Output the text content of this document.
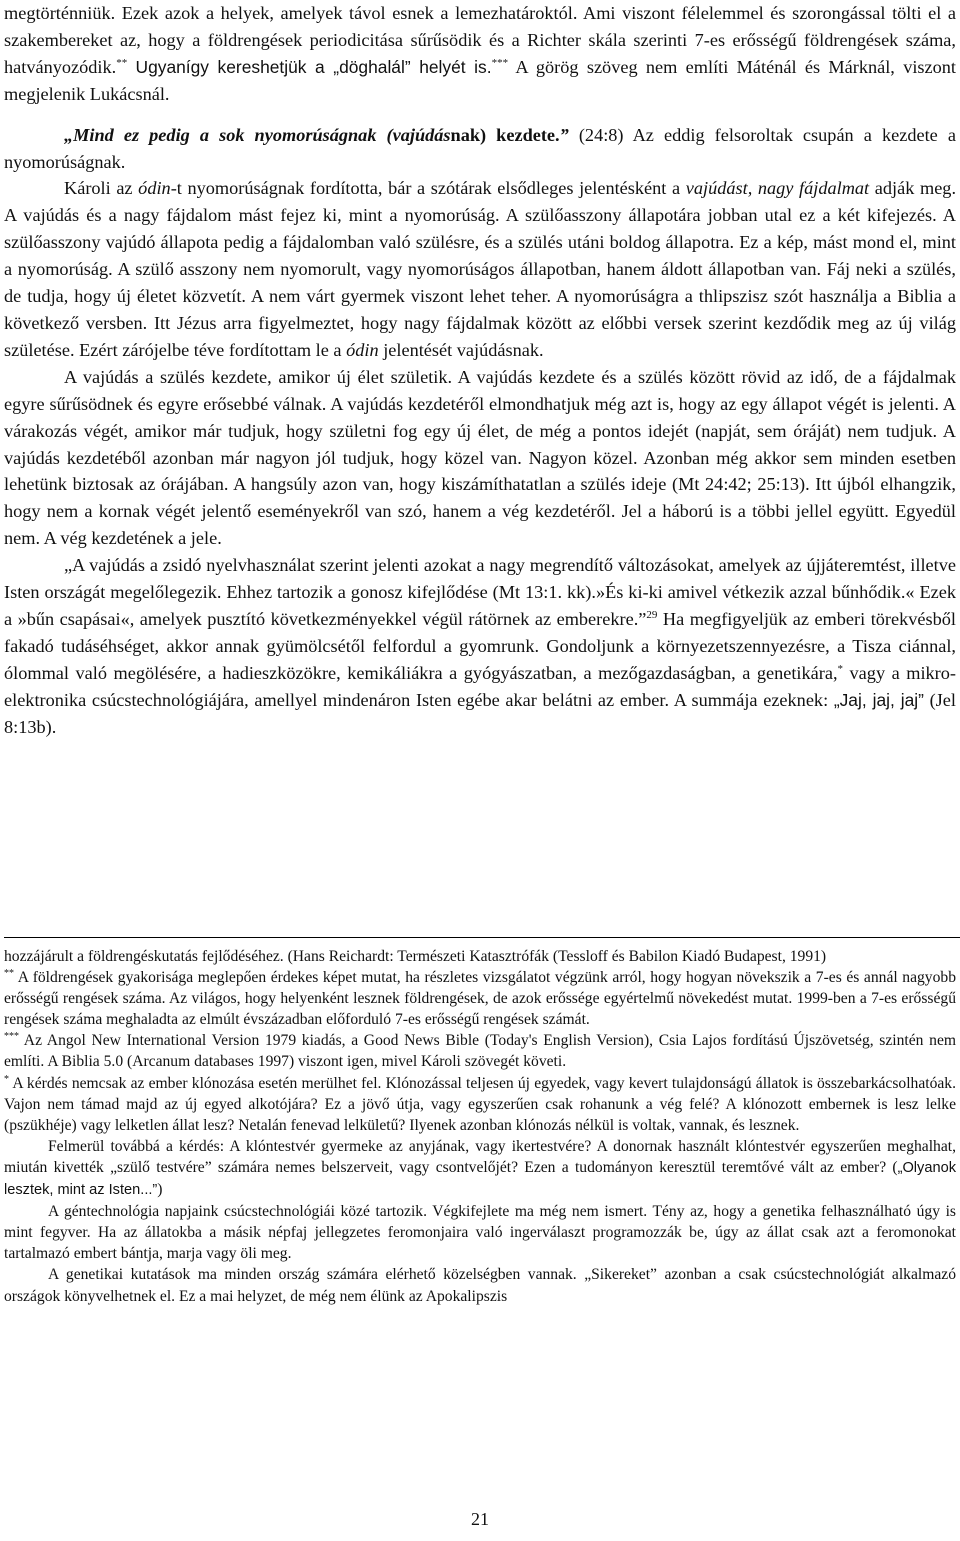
megtörténniük. Ezek azok a helyek, amelyek távol esnek a lemezhatároktól. Ami viszont félelemmel és szorongással tölti el a szakembereket az, hogy a földrengések periodicitása sűrűsödik és a Richter skála szerinti 7-es erősségű földrengések száma, hatványozódik.** Ugyanígy kereshetjük a „döghalál” helyét is.*** A görög szöveg nem említi Máténál és Márknál, viszont megjelenik Lukácsnál.

„Mind ez pedig a sok nyomorúságnak (vajúdásnak) kezdete.” (24:8) Az eddig felsoroltak csupán a kezdete a nyomorúságnak.

Károli az ódin-t nyomorúságnak fordította, bár a szótárak elsődleges jelentésként a vajúdást, nagy fájdalmat adják meg. A vajúdás és a nagy fájdalom mást fejez ki, mint a nyomorúság. A szülőasszony állapotára jobban utal ez a két kifejezés. A szülőasszony vajúdó állapota pedig a fájdalomban való szülésre, és a szülés utáni boldog állapotra. Ez a kép, mást mond el, mint a nyomorúság. A szülő asszony nem nyomorult, vagy nyomorúságos állapotban, hanem áldott állapotban van. Fáj neki a szülés, de tudja, hogy új életet közvetít. A nem várt gyermek viszont lehet teher. A nyomorúságra a thlipszisz szót használja a Biblia a következő versben. Itt Jézus arra figyelmeztet, hogy nagy fájdalmak között az előbbi versek szerint kezdődik meg az új világ születése. Ezért zárójelbe téve fordítottam le a ódin jelentését vajúdásnak.

A vajúdás a szülés kezdete, amikor új élet születik. A vajúdás kezdete és a szülés között rövid az idő, de a fájdalmak egyre sűrűsödnek és egyre erősebbé válnak. A vajúdás kezdetéről elmondhatjuk még azt is, hogy az egy állapot végét is jelenti. A várakozás végét, amikor már tudjuk, hogy születni fog egy új élet, de még a pontos idejét (napját, sem óráját) nem tudjuk. A vajúdás kezdetéből azonban már nagyon jól tudjuk, hogy közel van. Nagyon közel. Azonban még akkor sem minden esetben lehetünk biztosak az órájában. A hangsúly azon van, hogy kiszámíthatatlan a szülés ideje (Mt 24:42; 25:13). Itt újból elhangzik, hogy nem a kornak végét jelentő eseményekről van szó, hanem a vég kezdetéről. Jel a háború is a többi jellel együtt. Egyedül nem. A vég kezdetének a jele.

„A vajúdás a zsidó nyelvhasználat szerint jelenti azokat a nagy megrendítő változásokat, amelyek az újjáteremtést, illetve Isten országát megelőlegezik. Ehhez tartozik a gonosz kifejlődése (Mt 13:1. kk).»És ki-ki amivel vétkezik azzal bűnhődik.« Ezek a »bűn csapásai«, amelyek pusztító következményekkel végül rátörnek az emberekre.”$^{29}$ Ha megfigyeljük az emberi törekvésből fakadó tudáséhséget, akkor annak gyümölcsétől felfordul a gyomrunk. Gondoljunk a környezetszennyezésre, a Tisza ciánnal, ólommal való megölésére, a hadieszközökre, kemikáliákra a gyógyászatban, a mezőgazdaságban, a genetikára,* vagy a mikro-elektronika csúcstechnológiájára, amellyel mindenáron Isten egébe akar belátni az ember. A summája ezeknek: „Jaj, jaj, jaj” (Jel 8:13b).

hozzájárult a földrengéskutatás fejlődéséhez. (Hans Reichardt: Természeti Katasztrófák (Tessloff és Babilon Kiadó Budapest, 1991)

** A földrengések gyakorisága meglepően érdekes képet mutat, ha részletes vizsgálatot végzünk arról, hogy hogyan növekszik a 7-es és annál nagyobb erősségű rengések száma. Az világos, hogy helyenként lesznek földrengések, de azok erőssége egyértelmű növekedést mutat. 1999-ben a 7-es erősségű rengések száma meghaladta az elmúlt évszázadban előforduló 7-es erősségű rengések számát.

*** Az Angol New International Version 1979 kiadás, a Good News Bible (Today's English Version), Csia Lajos fordítású Újszövetség, szintén nem említi. A Biblia 5.0 (Arcanum databases 1997) viszont igen, mivel Károli szövegét követi.

* A kérdés nemcsak az ember klónozása esetén merülhet fel. Klónozással teljesen új egyedek, vagy kevert tulajdonságú állatok is összebarkácsolhatóak. Vajon nem támad majd az új egyed alkotójára? Ez a jövő útja, vagy egyszerűen csak rohanunk a vég felé? A klónozott embernek is lesz lelke (pszükhéje) vagy lelketlen állat lesz? Netalán fenevad lelkületű? Ilyenek azonban klónozás nélkül is voltak, vannak, és lesznek.

Felmerül továbbá a kérdés: A klóntestvér gyermeke az anyjának, vagy ikertestvére? A donornak használt klóntestvér egyszerűen meghalhat, miután kivették „szülő testvére” számára nemes belszerveit, vagy csontvelőjét? Ezen a tudományon keresztül teremtővé vált az ember? („Olyanok lesztek, mint az Isten...”)

A géntechnológia napjaink csúcstechnológiái közé tartozik. Végkifejlete ma még nem ismert. Tény az, hogy a genetika felhasználható úgy is mint fegyver. Ha az állatokba a másik népfaj jellegzetes feromonjaira való ingerválaszt programozzák be, úgy az állat csak azt a feromonokat tartalmazó embert bántja, marja vagy öli meg.

A genetikai kutatások ma minden ország számára elérhető közelségben vannak. „Sikereket” azonban a csak csúcstechnológiát alkalmazó országok könyvelhetnek el. Ez a mai helyzet, de még nem élünk az Apokalipszis

21
